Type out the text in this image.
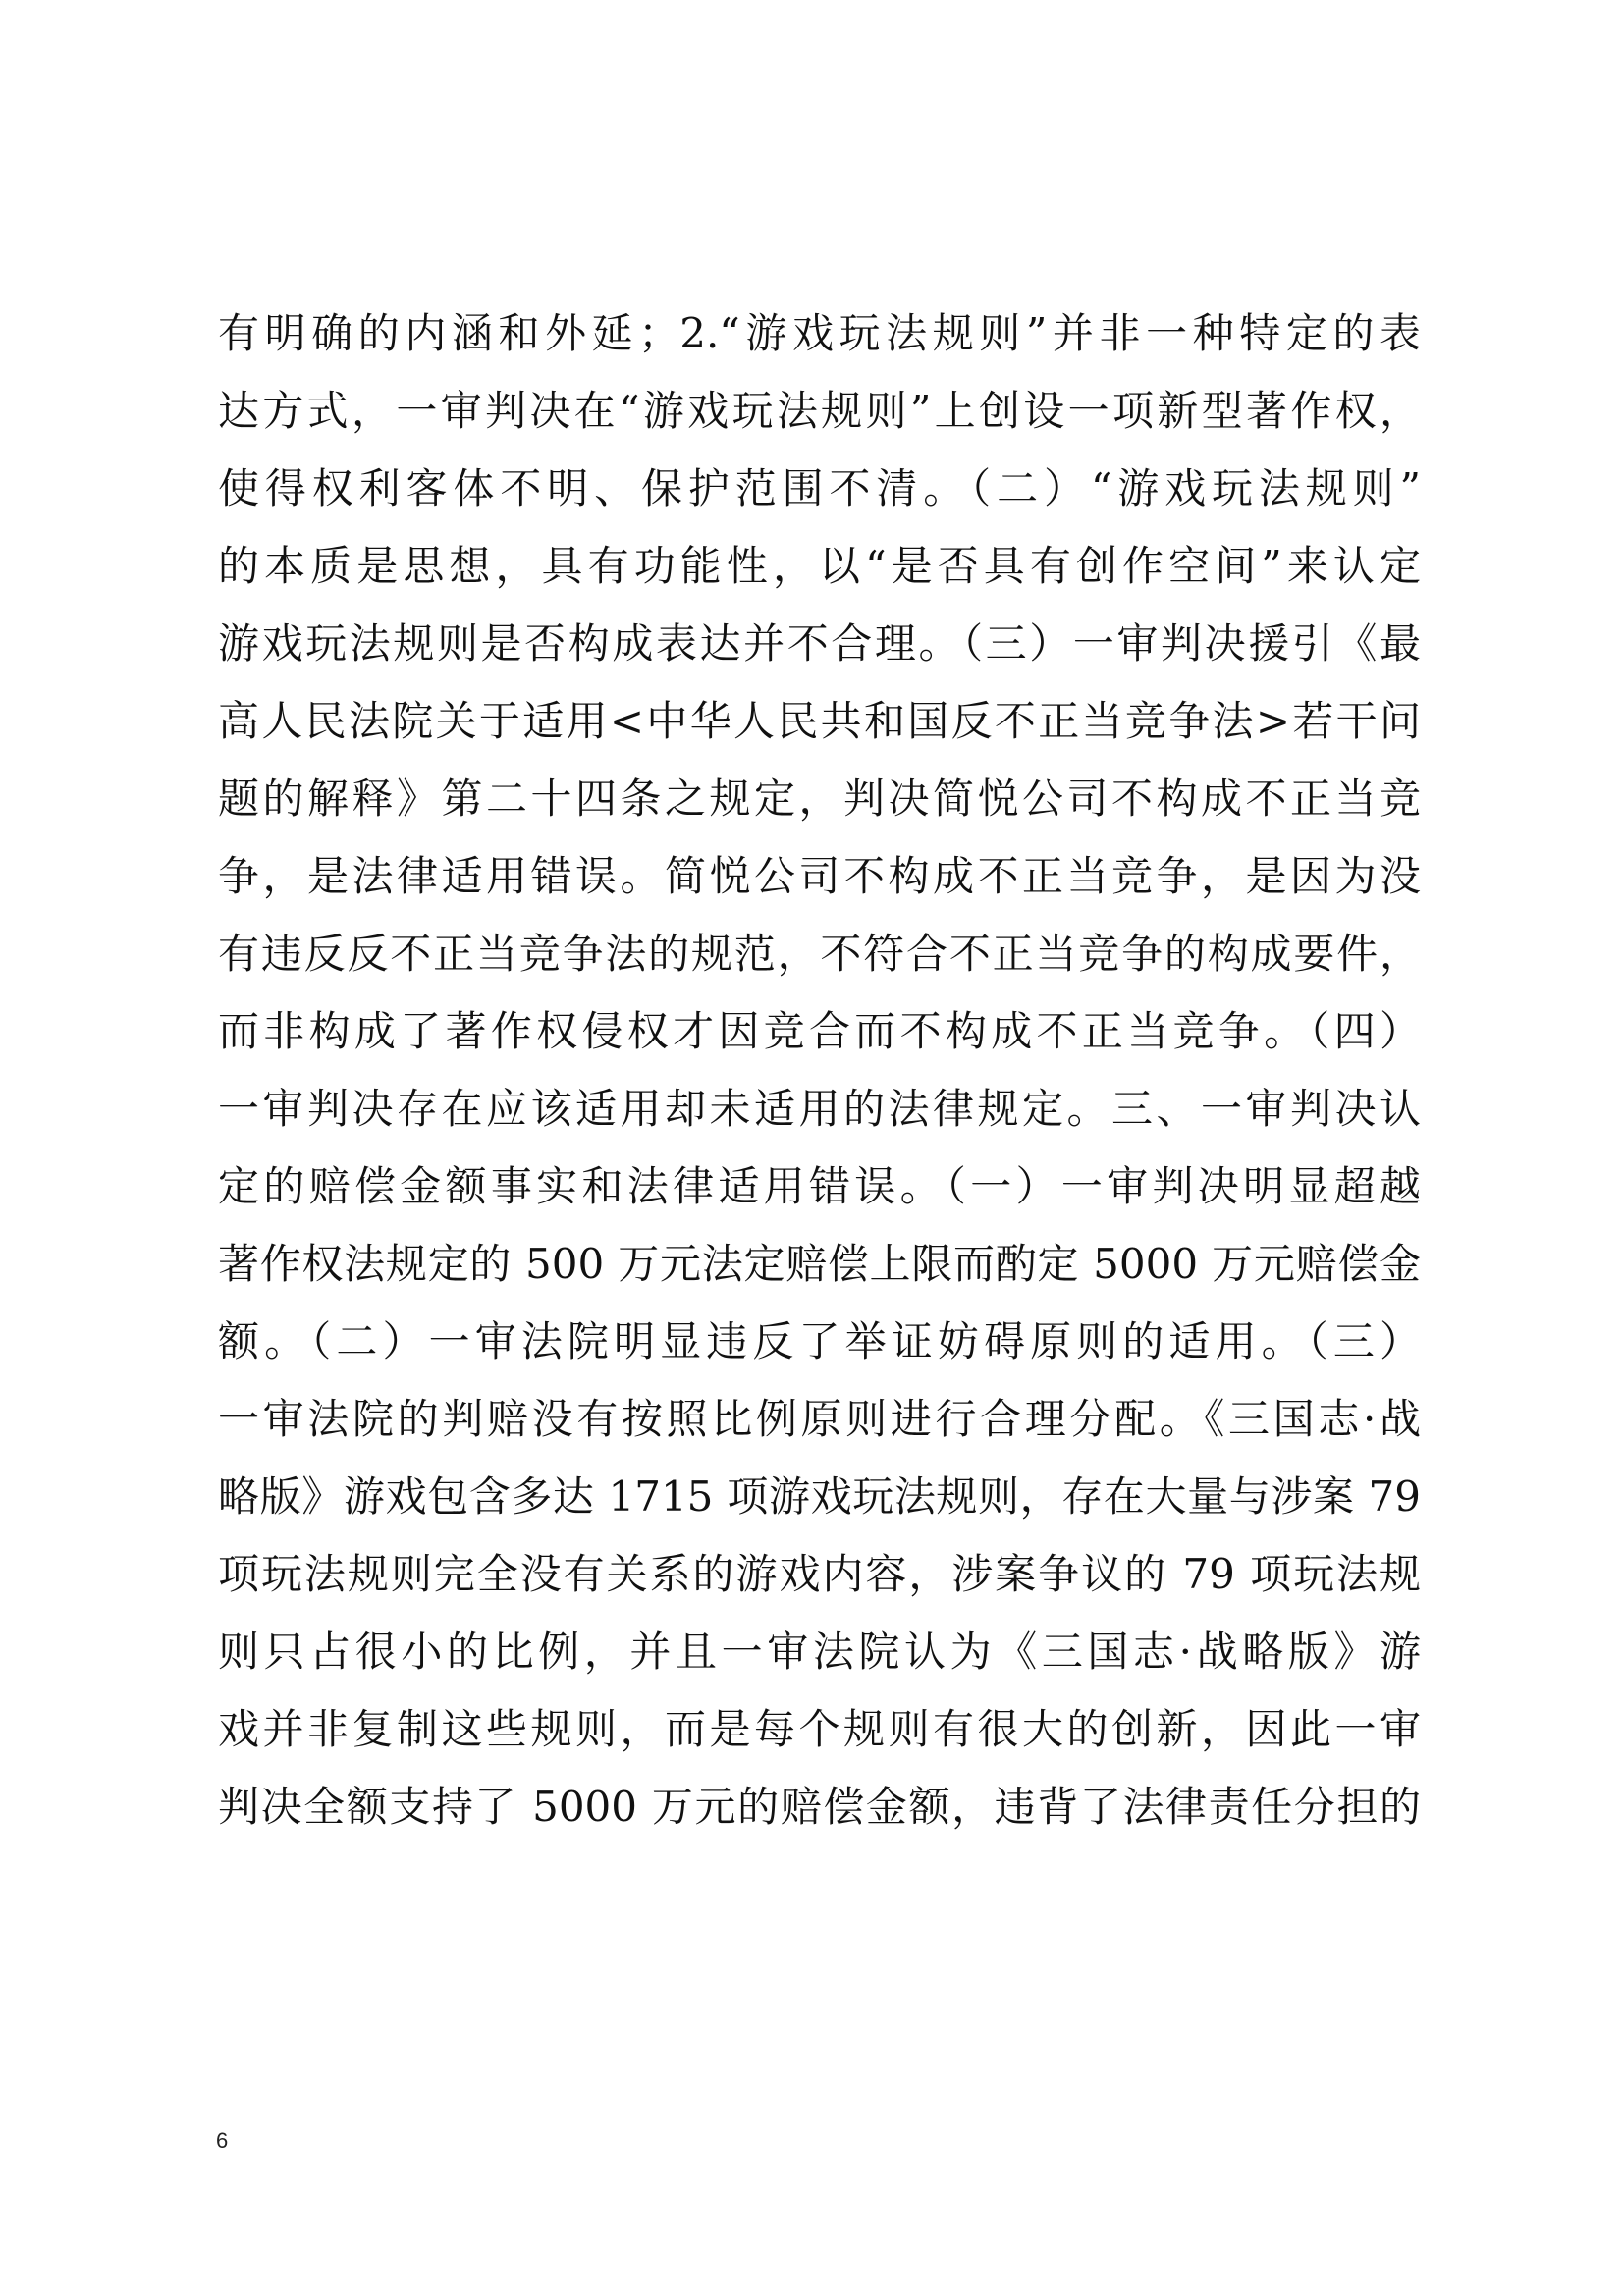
有明确的内涵和外延；2.“游戏玩法规则”并非一种特定的表
达方式，一审判决在“游戏玩法规则”上创设一项新型著作权，
使得权利客体不明、保护范围不清。（二）“游戏玩法规则”
的本质是思想，具有功能性，以“是否具有创作空间”来认定
游戏玩法规则是否构成表达并不合理。（三）一审判决援引《最
高人民法院关于适用<中华人民共和国反不正当竞争法>若干问
题的解释》第二十四条之规定，判决简悦公司不构成不正当竞
争，是法律适用错误。简悦公司不构成不正当竞争，是因为没
有违反反不正当竞争法的规范，不符合不正当竞争的构成要件，
而非构成了著作权侵权才因竞合而不构成不正当竞争。（四）
一审判决存在应该适用却未适用的法律规定。三、一审判决认
定的赔偿金额事实和法律适用错误。（一）一审判决明显超越
著作权法规定的 500 万元法定赔偿上限而酌定 5000 万元赔偿金
额。（二）一审法院明显违反了举证妨碍原则的适用。（三）
一审法院的判赔没有按照比例原则进行合理分配。《三国志·战
略版》游戏包含多达 1715 项游戏玩法规则，存在大量与涉案 79
项玩法规则完全没有关系的游戏内容，涉案争议的 79 项玩法规
则只占很小的比例，并且一审法院认为《三国志·战略版》游
戏并非复制这些规则，而是每个规则有很大的创新，因此一审
判决全额支持了 5000 万元的赔偿金额，违背了法律责任分担的
6
